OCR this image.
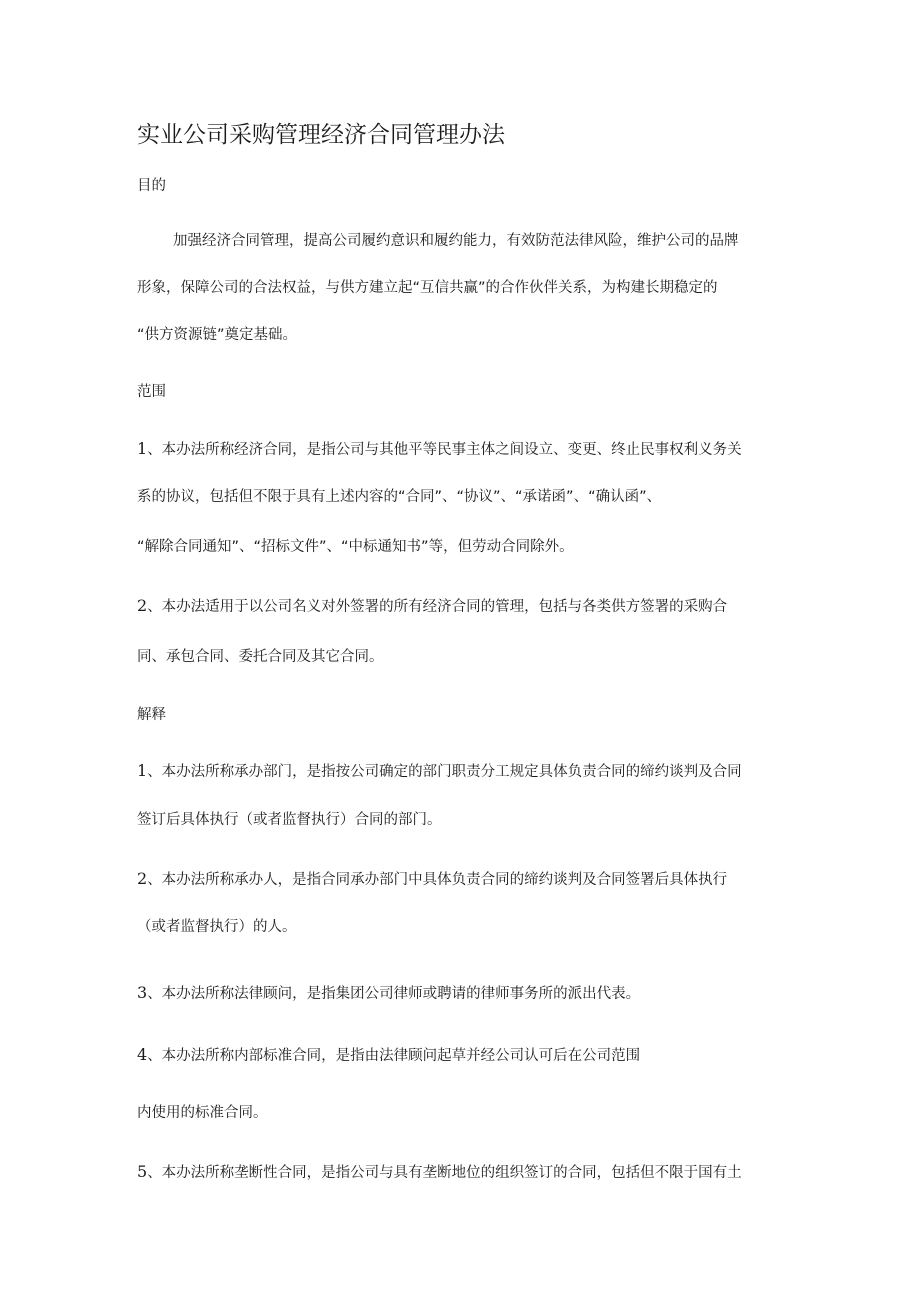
实业公司采购管理经济合同管理办法

目的

加强经济合同管理，提高公司履约意识和履约能力，有效防范法律风险，维护公司的品牌

形象，保障公司的合法权益，与供方建立起“互信共赢”的合作伙伴关系，为构建长期稳定的

“供方资源链”奠定基础。

范围

1、本办法所称经济合同，是指公司与其他平等民事主体之间设立、变更、终止民事权利义务关

系的协议，包括但不限于具有上述内容的“合同”、“协议”、“承诺函”、“确认函”、

“解除合同通知”、“招标文件”、“中标通知书”等，但劳动合同除外。

2、本办法适用于以公司名义对外签署的所有经济合同的管理，包括与各类供方签署的采购合

同、承包合同、委托合同及其它合同。

解释

1、本办法所称承办部门，是指按公司确定的部门职责分工规定具体负责合同的缔约谈判及合同

签订后具体执行（或者监督执行）合同的部门。

2、本办法所称承办人，是指合同承办部门中具体负责合同的缔约谈判及合同签署后具体执行

（或者监督执行）的人。

3、本办法所称法律顾问，是指集团公司律师或聘请的律师事务所的派出代表。

4、本办法所称内部标准合同，是指由法律顾问起草并经公司认可后在公司范围

内使用的标准合同。

5、本办法所称垄断性合同，是指公司与具有垄断地位的组织签订的合同，包括但不限于国有土
